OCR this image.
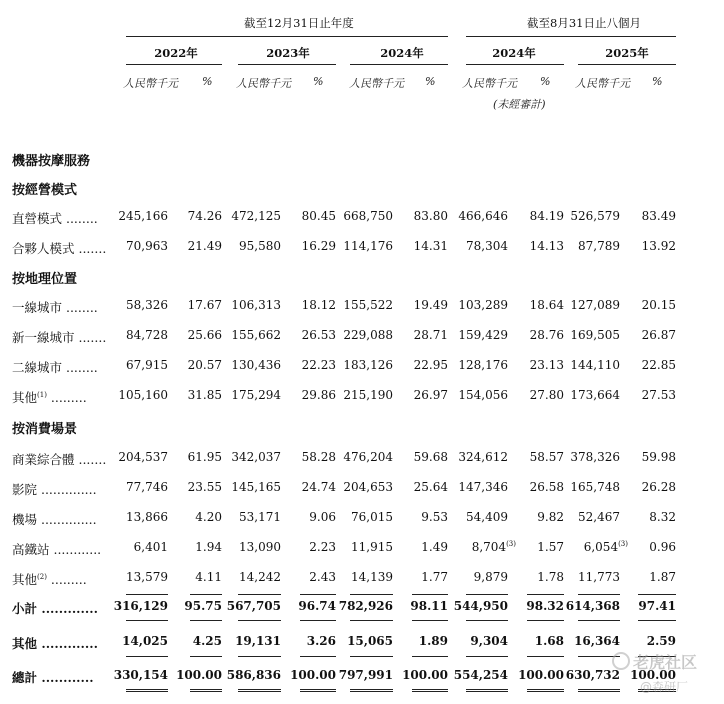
截至12月31日止年度	截至8月31日止八個月
2022年	2023年	2024年	2024年	2025年
人民幣千元 % 人民幣千元 % 人民幣千元 % 人民幣千元 % 人民幣千元 %
(未經審計)
機器按摩服務
按經營模式
按地理位置
按消費場景
直營模式 ........	245,166	74.26 472,125	80.45 668,750	83.80 466,646	84.19 526,579	83.49
合夥人模式 .......	70,963	21.49	95,580	16.29 114,176	14.31	78,304	14.13	87,789	13.92
一線城市 ........	58,326	17.67 106,313	18.12 155,522	19.49 103,289	18.64 127,089	20.15
新一線城市 .......	84,728	25.66 155,662	26.53 229,088	28.71 159,429	28.76 169,505	26.87
二線城市 ........	67,915	20.57 130,436	22.23 183,126	22.95 128,176	23.13 144,110	22.85
其他$^{(1)}$ .........	105,160	31.85 175,294	29.86 215,190	26.97 154,056	27.80 173,664	27.53
商業綜合體 .......	204,537	61.95 342,037	58.28 476,204	59.68 324,612	58.57 378,326	59.98
影院 ..............	77,746	23.55 145,165	24.74 204,653	25.64 147,346	26.58 165,748	26.28
機場 ..............	13,866	4.20	53,171	9.06	76,015	9.53	54,409	9.82	52,467	8.32
高鐵站 ............	6,401	1.94	13,090	2.23	11,915	1.49	8,704$^{(3)}$	1.57	6,054$^{(3)}$	0.96
其他$^{(2)}$ .........	13,579	4.11	14,242	2.43	14,139	1.77	9,879	1.78	11,773	1.87
小計 .............	316,129	95.75 567,705	96.74 782,926	98.11 544,950	98.32 614,368	97.41
其他 .............	14,025	4.25	19,131	3.26 15,065	1.89	9,304	1.68 16,364	2.59
總計 ............	330,154 100.00 586,836 100.00 797,991 100.00 554,254 100.00 630,732 100.00
老虎社区
@森研厂
